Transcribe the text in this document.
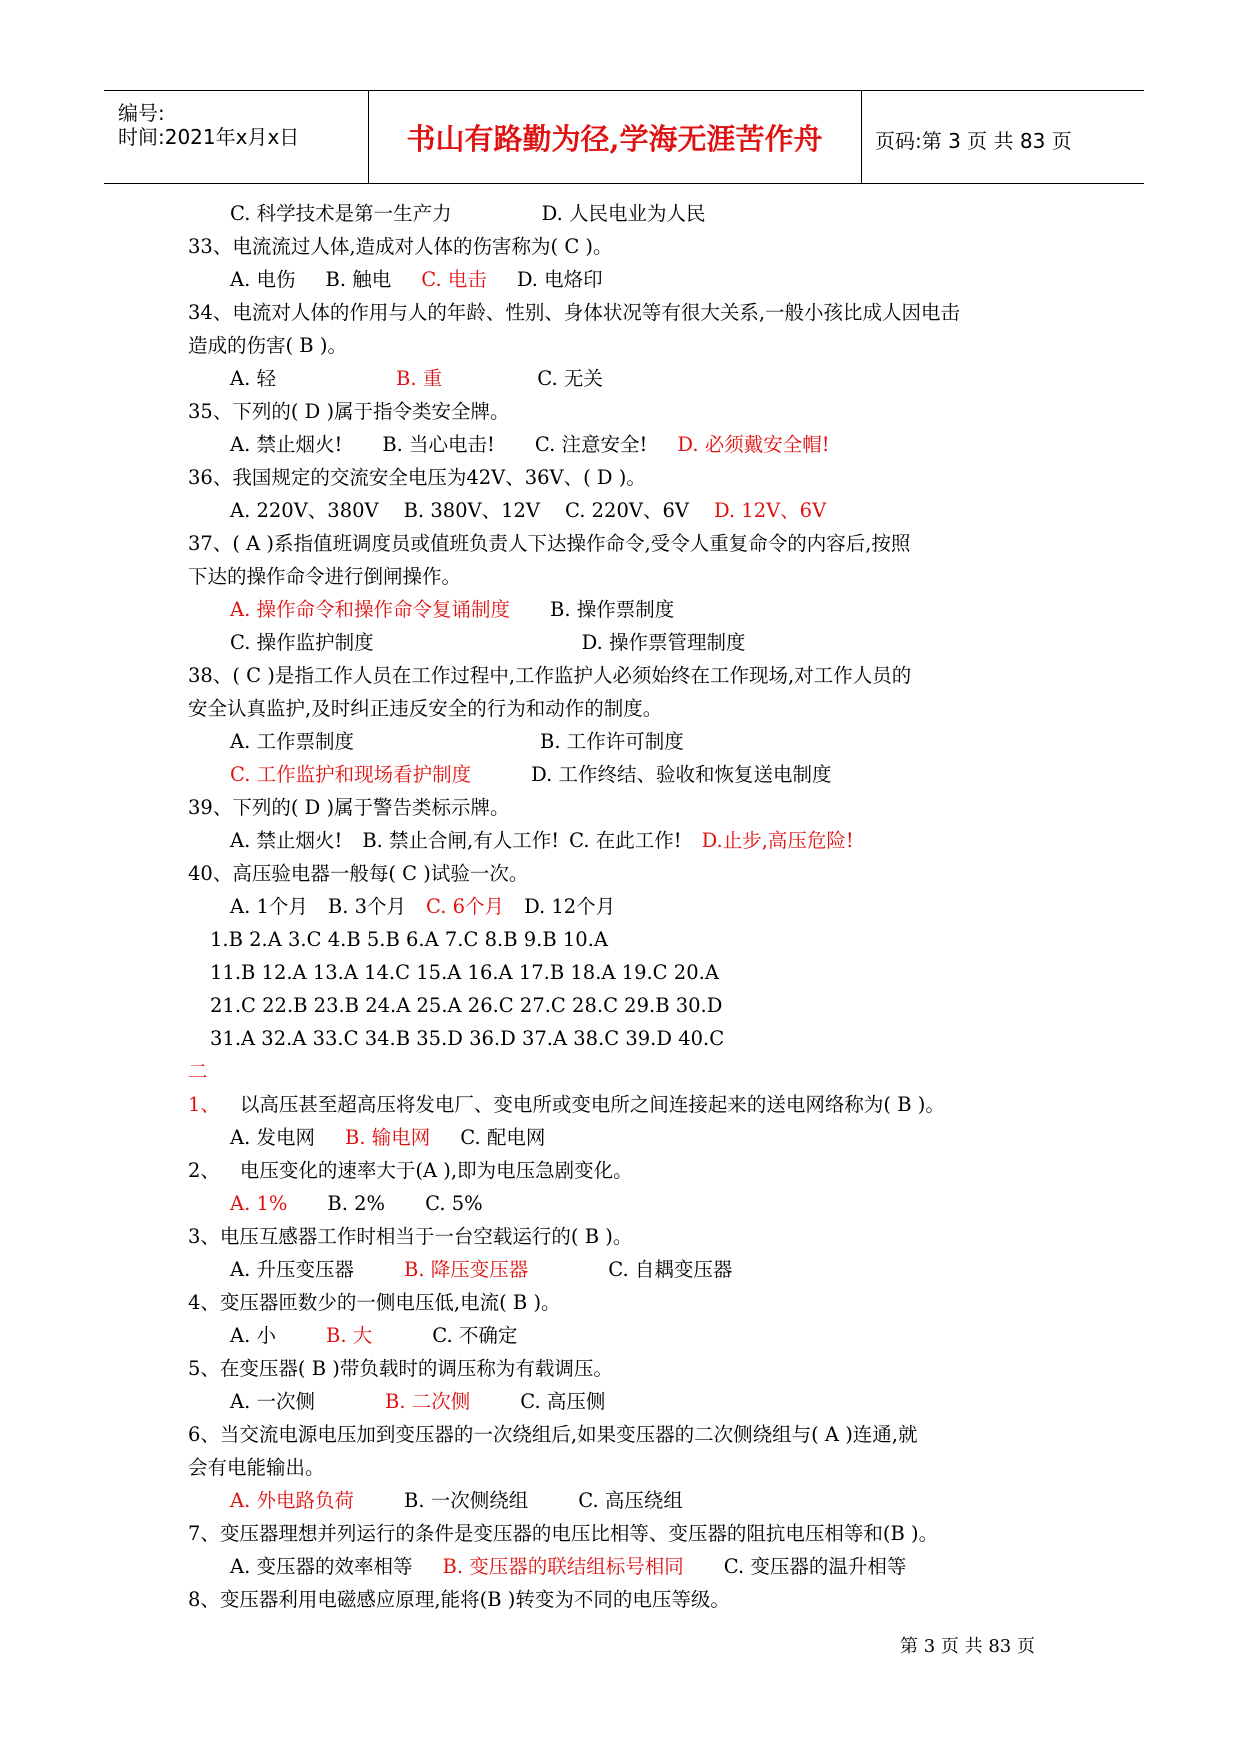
编号:
时间:2021年x月x日	书山有路勤为径,学海无涯苦作舟	页码:第 3 页 共 83 页
C. 科学技术是第一生产力	D. 人民电业为人民
33、电流流过人体,造成对人体的伤害称为( C )。
A. 电伤 B. 触电 C. 电击 D. 电烙印
34、电流对人体的作用与人的年龄、性别、身体状况等有很大关系,一般小孩比成人因电击
造成的伤害( B )。
A. 轻	B. 重	C. 无关
35、下列的( D )属于指令类安全牌。
A. 禁止烟火! B. 当心电击! C. 注意安全! D. 必须戴安全帽!
36、我国规定的交流安全电压为42V、36V、( D )。
A. 220V、380V B. 380V、12V C. 220V、6V D. 12V、6V
37、( A )系指值班调度员或值班负责人下达操作命令,受令人重复命令的内容后,按照
下达的操作命令进行倒闸操作。
A. 操作命令和操作命令复诵制度 B. 操作票制度
C. 操作监护制度	D. 操作票管理制度
38、( C )是指工作人员在工作过程中,工作监护人必须始终在工作现场,对工作人员的
安全认真监护,及时纠正违反安全的行为和动作的制度。
A. 工作票制度	B. 工作许可制度
C. 工作监护和现场看护制度	D. 工作终结、验收和恢复送电制度
39、下列的( D )属于警告类标示牌。
A. 禁止烟火! B. 禁止合闸,有人工作! C. 在此工作! D.止步,高压危险!
40、高压验电器一般每( C )试验一次。
A. 1个月 B. 3个月 C. 6个月 D. 12个月
1.B 2.A 3.C 4.B 5.B 6.A 7.C 8.B 9.B 10.A
11.B 12.A 13.A 14.C 15.A 16.A 17.B 18.A 19.C 20.A
21.C 22.B 23.B 24.A 25.A 26.C 27.C 28.C 29.B 30.D
31.A 32.A 33.C 34.B 35.D 36.D 37.A 38.C 39.D 40.C
二
1、 以高压甚至超高压将发电厂、变电所或变电所之间连接起来的送电网络称为( B )。
A. 发电网 B. 输电网 C. 配电网
2、 电压变化的速率大于(A ),即为电压急剧变化。
A. 1% B. 2% C. 5%
3、电压互感器工作时相当于一台空载运行的( B )。
A. 升压变压器	B. 降压变压器	C. 自耦变压器
4、变压器匝数少的一侧电压低,电流( B )。
A. 小	B. 大	C. 不确定
5、在变压器( B )带负载时的调压称为有载调压。
A. 一次侧	B. 二次侧	C. 高压侧
6、当交流电源电压加到变压器的一次绕组后,如果变压器的二次侧绕组与( A )连通,就
会有电能输出。
A. 外电路负荷	B. 一次侧绕组	C. 高压绕组
7、变压器理想并列运行的条件是变压器的电压比相等、变压器的阻抗电压相等和(B )。
A. 变压器的效率相等 B. 变压器的联结组标号相同 C. 变压器的温升相等
8、变压器利用电磁感应原理,能将(B )转变为不同的电压等级。
第 3 页 共 83 页
